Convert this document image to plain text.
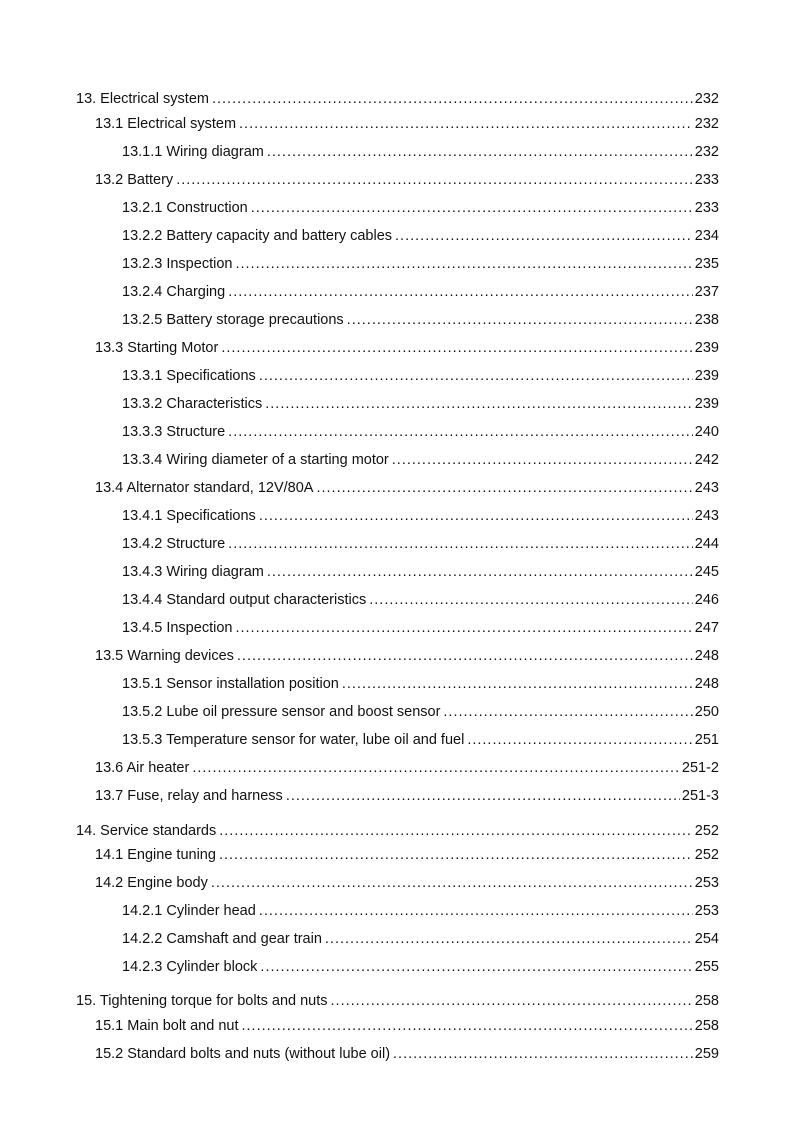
13. Electrical system .....	232
13.1 Electrical system .....	232
13.1.1 Wiring diagram .....	232
13.2 Battery .....	233
13.2.1 Construction .....	233
13.2.2 Battery capacity and battery cables .....	234
13.2.3 Inspection .....	235
13.2.4 Charging .....	237
13.2.5 Battery storage precautions .....	238
13.3 Starting Motor .....	239
13.3.1 Specifications .....	239
13.3.2 Characteristics .....	239
13.3.3 Structure .....	240
13.3.4 Wiring diameter of a starting motor .....	242
13.4 Alternator standard, 12V/80A .....	243
13.4.1 Specifications .....	243
13.4.2 Structure .....	244
13.4.3 Wiring diagram .....	245
13.4.4 Standard output characteristics .....	246
13.4.5 Inspection .....	247
13.5 Warning devices .....	248
13.5.1 Sensor installation position .....	248
13.5.2 Lube oil pressure sensor and boost sensor .....	250
13.5.3 Temperature sensor for water, lube oil and fuel .....	251
13.6 Air heater .....	251-2
13.7 Fuse, relay and harness .....	251-3
14. Service standards .....	252
14.1 Engine tuning .....	252
14.2 Engine body .....	253
14.2.1 Cylinder head .....	253
14.2.2 Camshaft and gear train .....	254
14.2.3 Cylinder block .....	255
15. Tightening torque for bolts and nuts .....	258
15.1 Main bolt and nut .....	258
15.2 Standard bolts and nuts (without lube oil) .....	259
